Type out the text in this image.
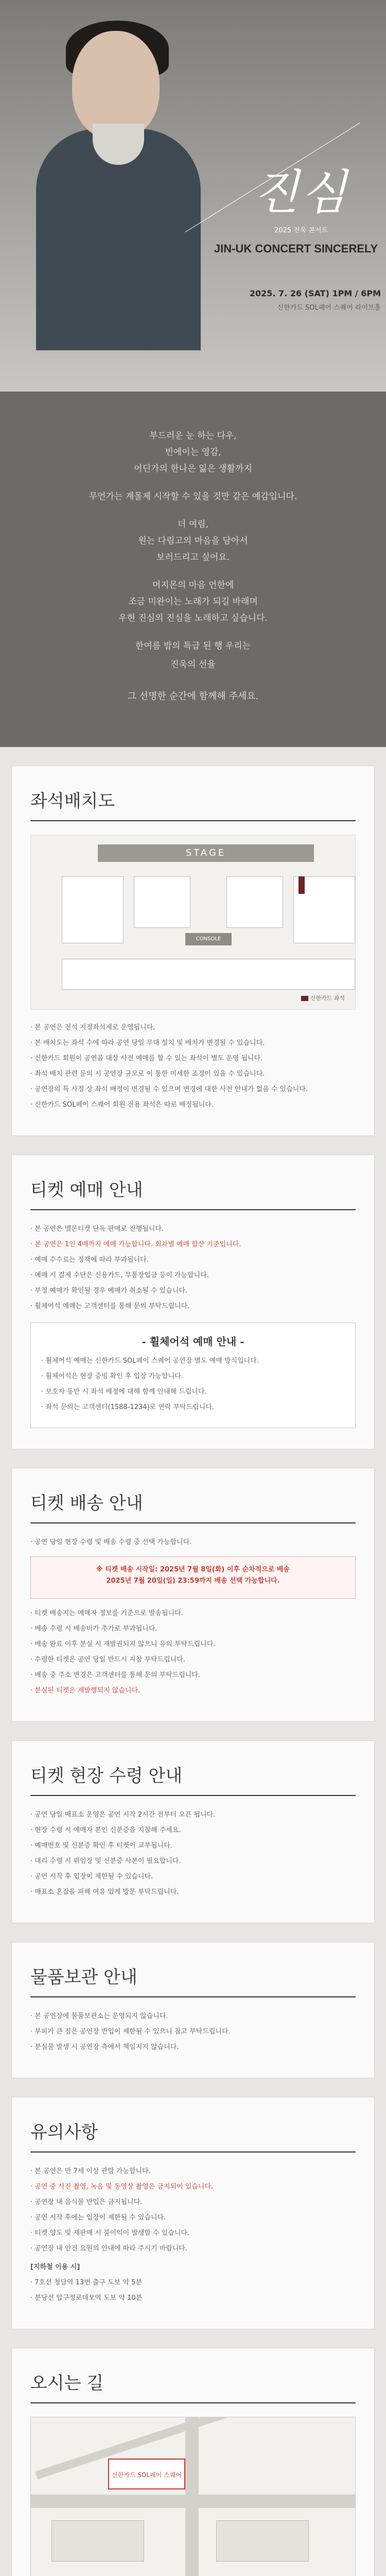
진심
2025 진욱 콘서트
JIN-UK CONCERT SINCERELY
2025. 7. 26 (SAT) 1PM / 6PM
신한카드 SOL페이 스퀘어 라이브홀

부드러운 눈 하는 다우,
빈에이는 영감,
어딘가의 한나은 잃은 생활까지

무언가는 계몰제 시작할 수 있을 것만 같은 예감입니다.

더 여림,
원는 다림고의 마음을 담아서
보러드리고 싶어요.

머지몬의 마음 언한에
조금 미완이는 노래가 되길 바래며
우현 진심의 진심을 노래하고 싶습니다.

한여름 밤의 특급 된 행 우리는

진욱의 선율

그 선명한 순간에 함께해 주세요.

좌석배치도
STAGE
CONSOLE
신한카드 좌석
· 본 공연은 전석 지정좌석제로 운영됩니다.
· 본 배치도는 좌석 수에 따라 공연 당일 무대 설치 및 배치가 변경될 수 있습니다.
· 신한카드 회원이 공연을 대상 사전 예매를 할 수 있는 좌석이 별도 운영 됩니다.
· 좌석 배치 관련 문의 시 공연장 규모로 이 통한 미세한 조정이 있을 수 있습니다.
· 공연장의 특 사정 상 좌석 배정이 변경될 수 있으며 변경에 대한 사전 안내가 없을 수 있습니다.
· 신한카드 SOL페이 스퀘어 회원 전용 좌석은 따로 배정됩니다.
티켓 예매 안내
· 본 공연은 멜론티켓 단독 판매로 진행됩니다.
· 본 공연은 1인 4매까지 예매 가능합니다. 회차별 예매 합산 기준입니다.
· 예매 수수료는 정책에 따라 부과됩니다.
· 예매 시 결제 수단은 신용카드, 무통장입금 등이 가능합니다.
· 부정 예매가 확인될 경우 예매가 취소될 수 있습니다.
· 휠체어석 예매는 고객센터를 통해 문의 부탁드립니다.
- 휠체어석 예매 안내 -
· 휠체어석 예매는 신한카드 SOL페이 스퀘어 공연장 별도 예매 방식입니다.
· 휠체어석은 현장 증빙 확인 후 입장 가능합니다.
· 보호자 동반 시 좌석 배정에 대해 함께 안내해 드립니다.
· 좌석 문의는 고객센터(1588-1234)로 연락 부탁드립니다.
티켓 배송 안내
· 공연 당일 현장 수령 및 배송 수령 중 선택 가능합니다.
※ 티켓 배송 시작일: 2025년 7월 8일(화) 이후 순차적으로 배송
2025년 7월 20일(일) 23:59까지 배송 선택 가능합니다.
· 티켓 배송지는 예매자 정보를 기준으로 발송됩니다.
· 배송 수령 시 배송비가 추가로 부과됩니다.
· 배송 완료 이후 분실 시 재발권되지 않으니 유의 부탁드립니다.
· 수령한 티켓은 공연 당일 반드시 지참 부탁드립니다.
· 배송 중 주소 변경은 고객센터를 통해 문의 부탁드립니다.
· 분실된 티켓은 재발행되지 않습니다.
티켓 현장 수령 안내
· 공연 당일 매표소 운영은 공연 시작 2시간 전부터 오픈 됩니다.
· 현장 수령 시 예매자 본인 신분증을 지참해 주세요.
· 예매번호 및 신분증 확인 후 티켓이 교부됩니다.
· 대리 수령 시 위임장 및 신분증 사본이 필요합니다.
· 공연 시작 후 입장이 제한될 수 있습니다.
· 매표소 혼잡을 피해 여유 있게 방문 부탁드립니다.
물품보관 안내
· 본 공연장에 물품보관소는 운영되지 않습니다.
· 부피가 큰 짐은 공연장 반입이 제한될 수 있으니 참고 부탁드립니다.
· 분실물 발생 시 공연장 측에서 책임지지 않습니다.
유의사항
· 본 공연은 만 7세 이상 관람 가능합니다.
· 공연 중 사진 촬영, 녹음 및 동영상 촬영은 금지되어 있습니다.
· 공연장 내 음식물 반입은 금지됩니다.
· 공연 시작 후에는 입장이 제한될 수 있습니다.
· 티켓 양도 및 재판매 시 불이익이 발생할 수 있습니다.
· 공연장 내 안전 요원의 안내에 따라 주시기 바랍니다.
[지하철 이용 시]
· 7호선 청담역 13번 출구 도보 약 5분
· 분당선 압구정로데오역 도보 약 10분
오시는 길
신한카드 SOL페이 스퀘어
